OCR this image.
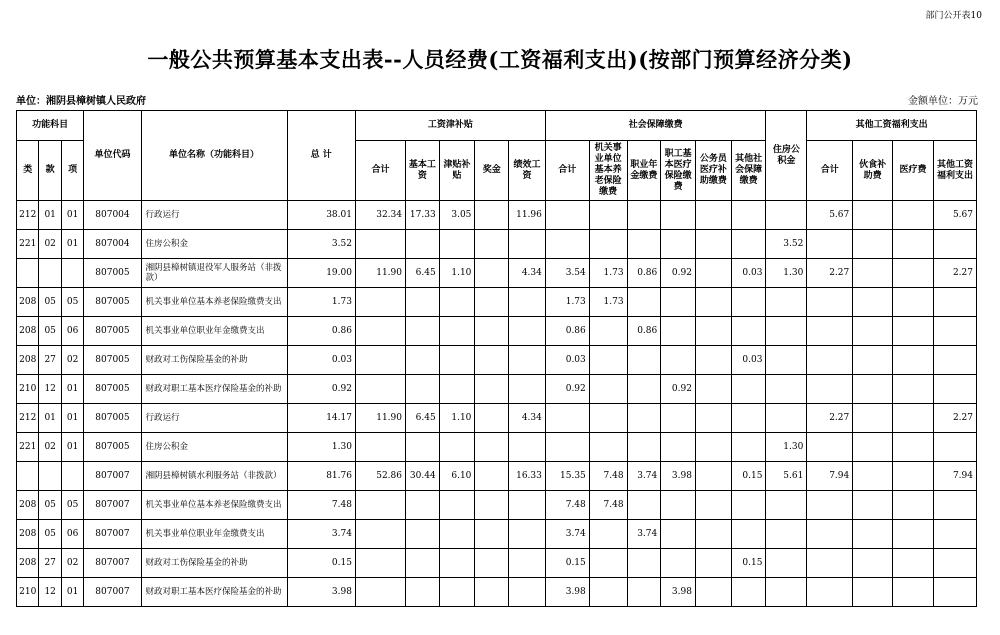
部门公开表10
一般公共预算基本支出表--人员经费(工资福利支出)(按部门预算经济分类)
单位：湘阴县樟树镇人民政府	金额单位：万元
功能科目			单位代码	单位名称（功能科目）	总 计	工资津补贴					社会保障缴费						住房公积金	其他工资福利支出			
类	款	项				合计	基本工资	津贴补贴	奖金	绩效工资	合计	机关事业单位基本养老保险缴费	职业年金缴费	职工基本医疗保险缴费	公务员医疗补助缴费	其他社会保障缴费		合计	伙食补助费	医疗费	其他工资福利支出
212	01	01	807004	行政运行	38.01	32.34	17.33	3.05		11.96								5.67			5.67
221	02	01	807004	住房公积金	3.52												3.52				
			807005	湘阴县樟树镇退役军人服务站（非拨款）	19.00	11.90	6.45	1.10		4.34	3.54	1.73	0.86	0.92		0.03	1.30	2.27			2.27
208	05	05	807005	机关事业单位基本养老保险缴费支出	1.73						1.73	1.73									
208	05	06	807005	机关事业单位职业年金缴费支出	0.86						0.86		0.86								
208	27	02	807005	财政对工伤保险基金的补助	0.03						0.03					0.03					
210	12	01	807005	财政对职工基本医疗保险基金的补助	0.92						0.92			0.92							
212	01	01	807005	行政运行	14.17	11.90	6.45	1.10		4.34								2.27			2.27
221	02	01	807005	住房公积金	1.30												1.30				
			807007	湘阴县樟树镇水利服务站（非拨款）	81.76	52.86	30.44	6.10		16.33	15.35	7.48	3.74	3.98		0.15	5.61	7.94			7.94
208	05	05	807007	机关事业单位基本养老保险缴费支出	7.48						7.48	7.48									
208	05	06	807007	机关事业单位职业年金缴费支出	3.74						3.74		3.74								
208	27	02	807007	财政对工伤保险基金的补助	0.15						0.15					0.15					
210	12	01	807007	财政对职工基本医疗保险基金的补助	3.98						3.98			3.98							
